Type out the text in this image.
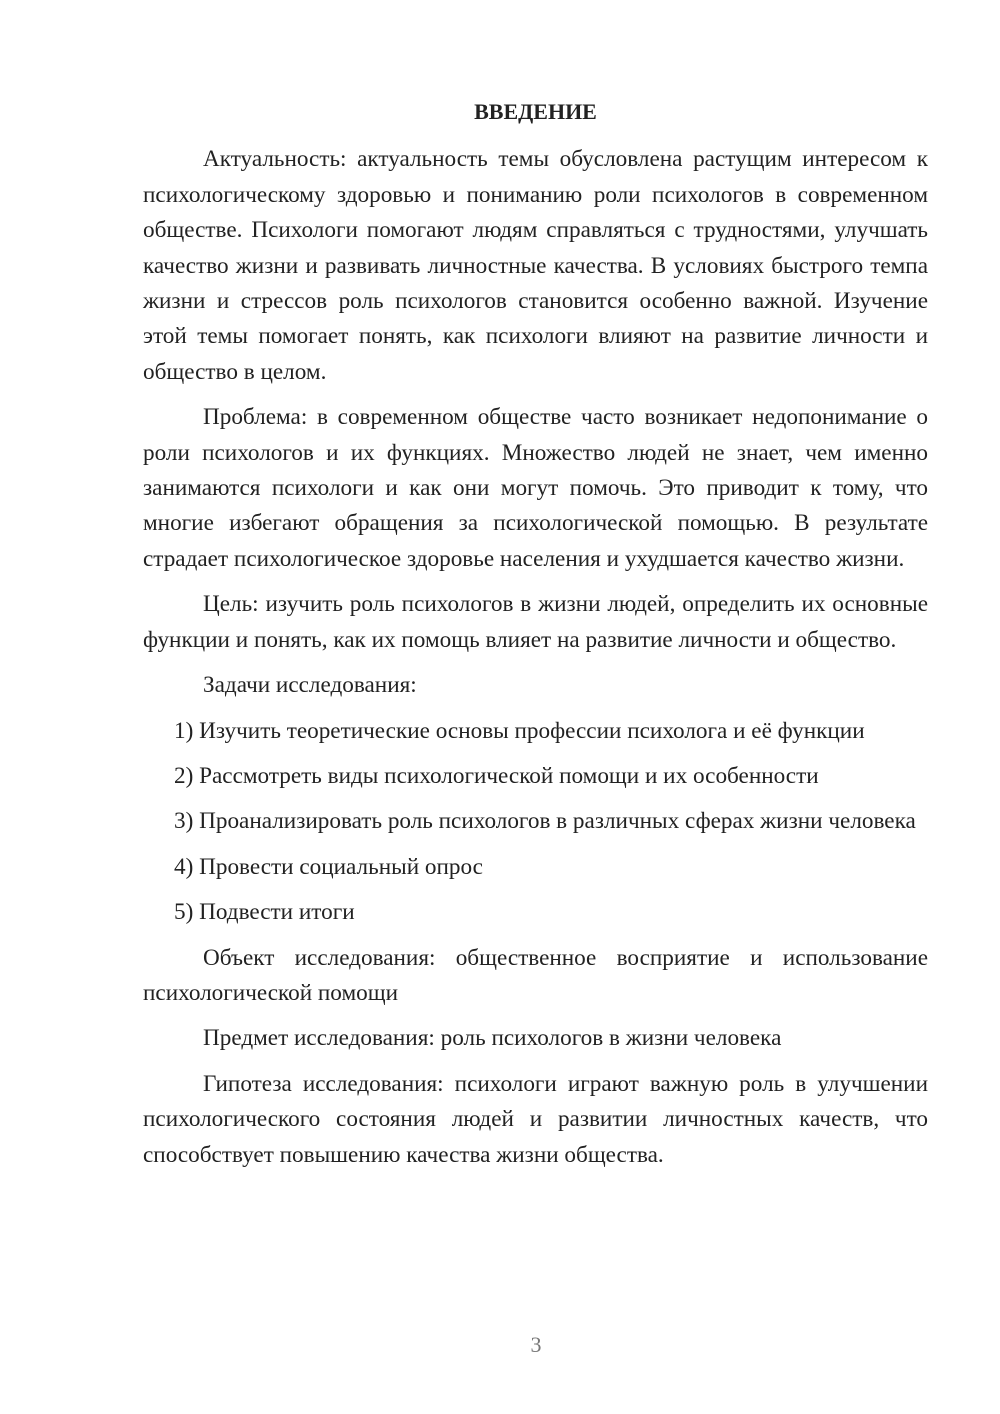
ВВЕДЕНИЕ

Актуальность: актуальность темы обусловлена растущим интересом к психологическому здоровью и пониманию роли психологов в современном обществе. Психологи помогают людям справляться с трудностями, улучшать качество жизни и развивать личностные качества. В условиях быстрого темпа жизни и стрессов роль психологов становится особенно важной. Изучение этой темы помогает понять, как психологи влияют на развитие личности и общество в целом.

Проблема: в современном обществе часто возникает недопонимание о роли психологов и их функциях. Множество людей не знает, чем именно занимаются психологи и как они могут помочь. Это приводит к тому, что многие избегают обращения за психологической помощью. В результате страдает психологическое здоровье населения и ухудшается качество жизни.

Цель: изучить роль психологов в жизни людей, определить их основные функции и понять, как их помощь влияет на развитие личности и общество.

Задачи исследования:

1) Изучить теоретические основы профессии психолога и её функции

2) Рассмотреть виды психологической помощи и их особенности

3) Проанализировать роль психологов в различных сферах жизни человека

4) Провести социальный опрос

5) Подвести итоги

Объект исследования: общественное восприятие и использование психологической помощи

Предмет исследования: роль психологов в жизни человека

Гипотеза исследования: психологи играют важную роль в улучшении психологического состояния людей и развитии личностных качеств, что способствует повышению качества жизни общества.

3
